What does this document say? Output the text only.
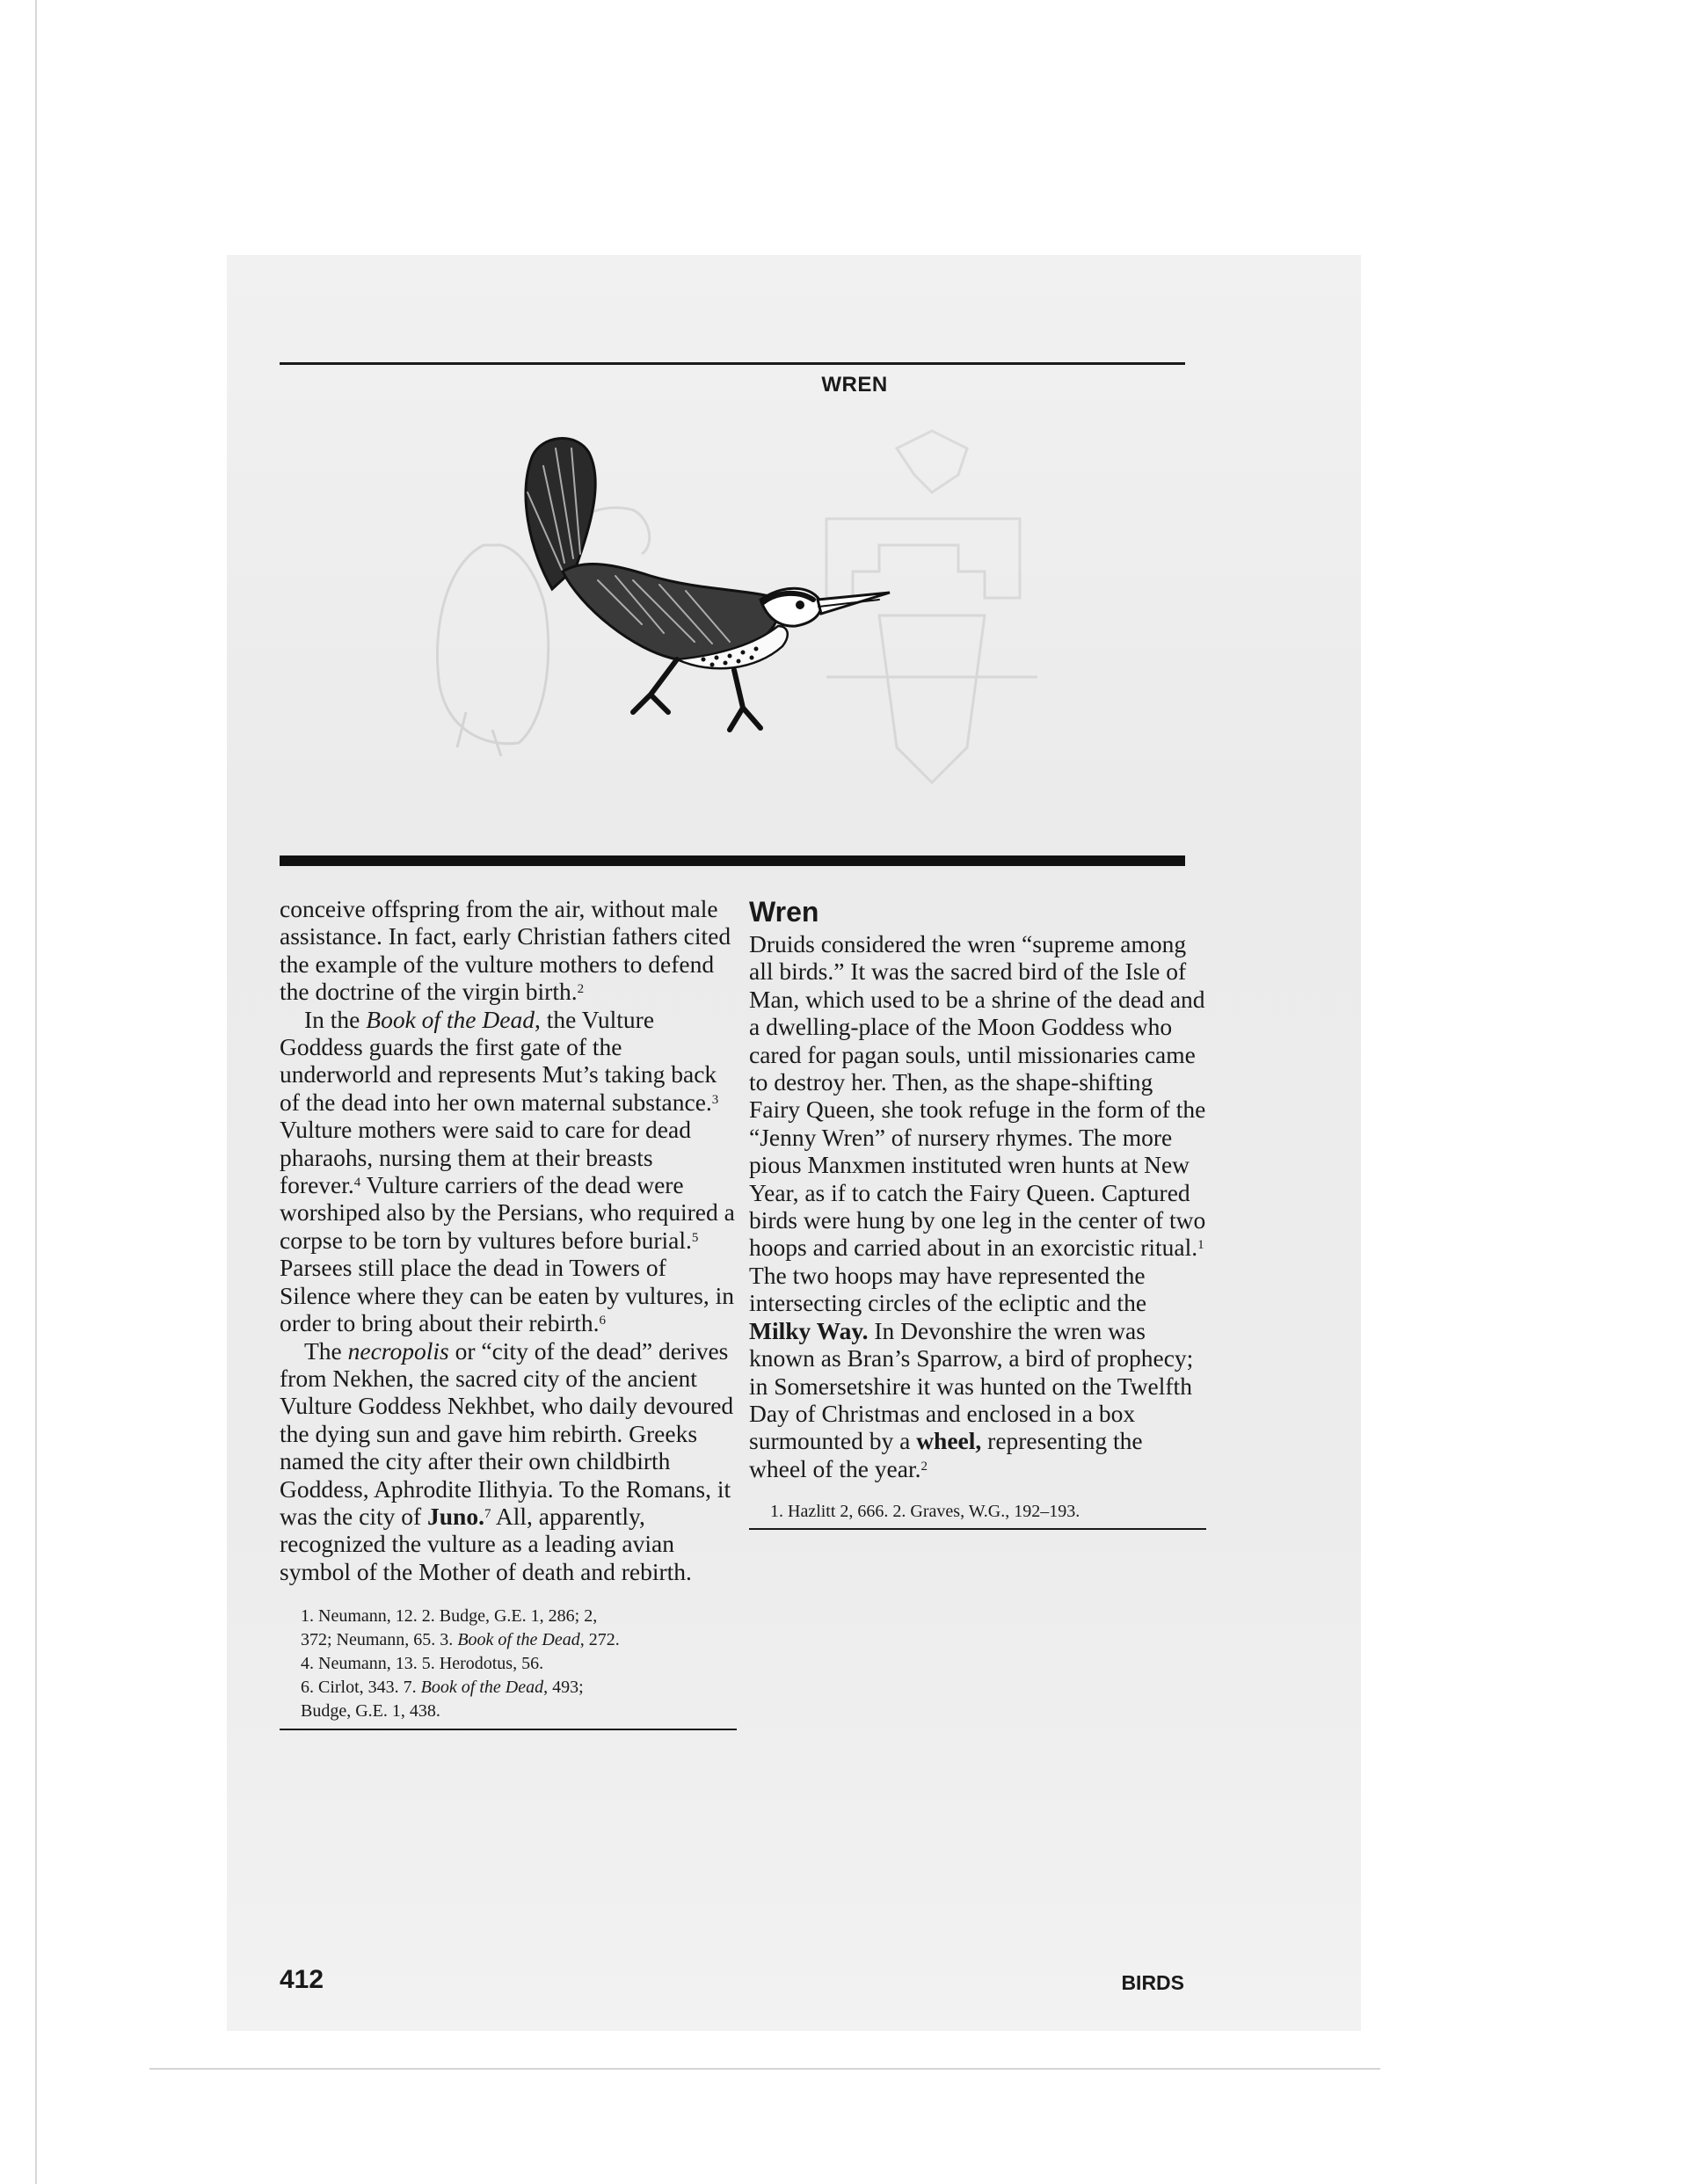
WREN

conceive offspring from the air, without male assistance. In fact, early Christian fathers cited the example of the vulture mothers to defend the doctrine of the virgin birth.$^2$

In the Book of the Dead, the Vulture Goddess guards the first gate of the underworld and represents Mut’s taking back of the dead into her own maternal substance.$^3$ Vulture mothers were said to care for dead pharaohs, nursing them at their breasts forever.$^4$ Vulture carriers of the dead were worshiped also by the Persians, who required a corpse to be torn by vultures before burial.$^5$ Parsees still place the dead in Towers of Silence where they can be eaten by vultures, in order to bring about their rebirth.$^6$

The necropolis or “city of the dead” derives from Nekhen, the sacred city of the ancient Vulture Goddess Nekhbet, who daily devoured the dying sun and gave him rebirth. Greeks named the city after their own childbirth Goddess, Aphrodite Ilithyia. To the Romans, it was the city of Juno.$^7$ All, apparently, recognized the vulture as a leading avian symbol of the Mother of death and rebirth.

1. Neumann, 12. 2. Budge, G.E. 1, 286; 2,
372; Neumann, 65. 3. Book of the Dead, 272.
4. Neumann, 13. 5. Herodotus, 56.
6. Cirlot, 343. 7. Book of the Dead, 493;
Budge, G.E. 1, 438.
Wren

Druids considered the wren “supreme among all birds.” It was the sacred bird of the Isle of Man, which used to be a shrine of the dead and a dwelling-place of the Moon Goddess who cared for pagan souls, until missionaries came to destroy her. Then, as the shape-shifting Fairy Queen, she took refuge in the form of the “Jenny Wren” of nursery rhymes. The more pious Manxmen instituted wren hunts at New Year, as if to catch the Fairy Queen. Captured birds were hung by one leg in the center of two hoops and carried about in an exorcistic ritual.$^1$ The two hoops may have represented the intersecting circles of the ecliptic and the Milky Way. In Devonshire the wren was known as Bran’s Sparrow, a bird of prophecy; in Somersetshire it was hunted on the Twelfth Day of Christmas and enclosed in a box surmounted by a wheel, representing the wheel of the year.$^2$

1. Hazlitt 2, 666. 2. Graves, W.G., 192–193.
412	BIRDS
